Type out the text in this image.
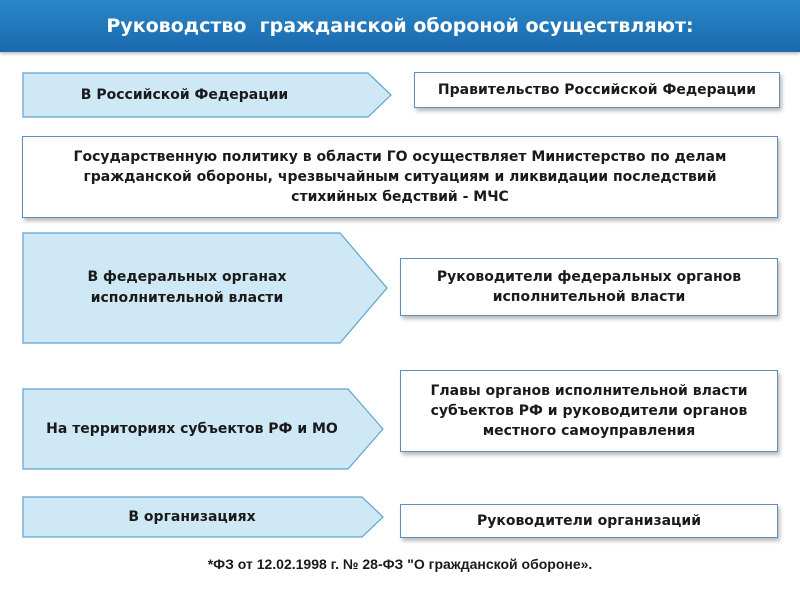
Руководство  гражданской обороной осуществляют:
В Российской Федерации	Правительство Российской Федерации
Государственную политику в области ГО осуществляет Министерство по делам
гражданской обороны, чрезвычайным ситуациям и ликвидации последствий
стихийных бедствий - МЧС
В федеральных органах
исполнительной власти
Руководители федеральных органов
исполнительной власти
На территориях субъектов РФ и МО
Главы органов исполнительной власти
субъектов РФ и руководители органов
местного самоуправления
В организациях	Руководители организаций
*ФЗ от 12.02.1998 г. № 28-ФЗ "О гражданской обороне».
